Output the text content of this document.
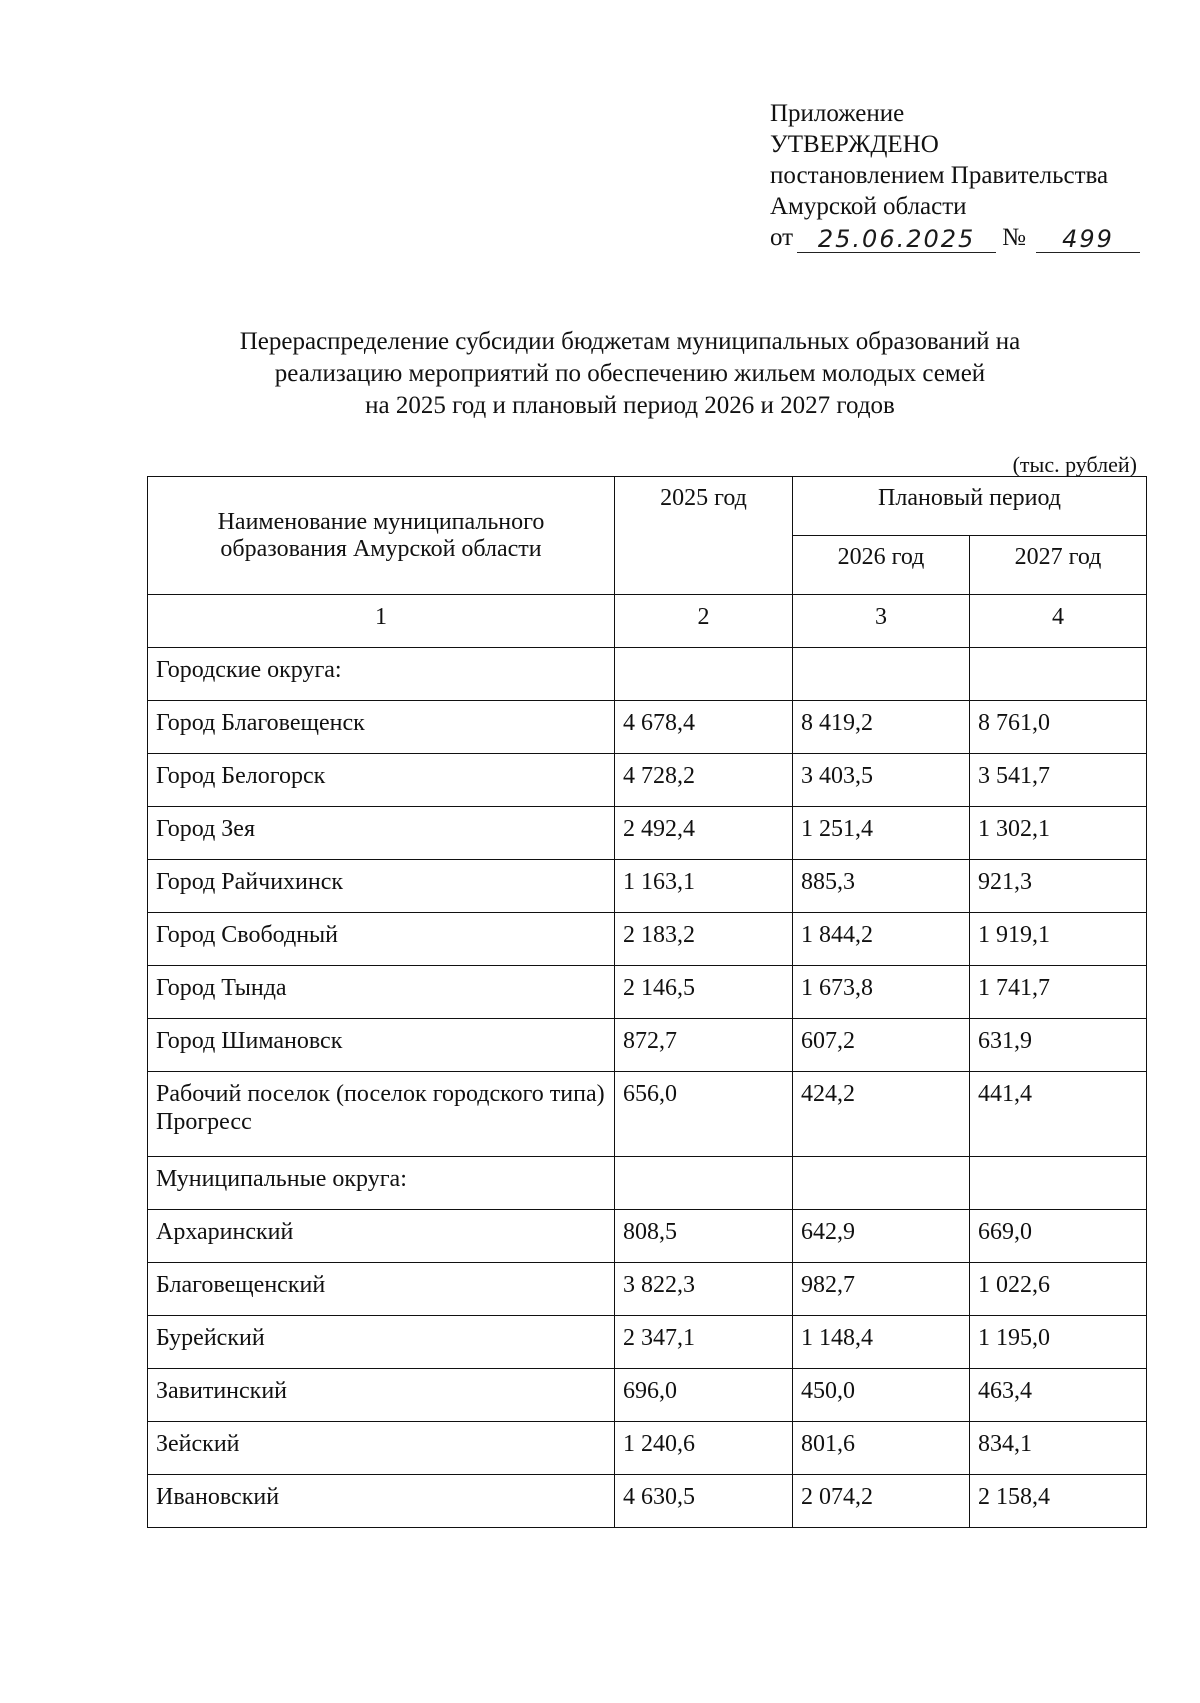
Приложение
УТВЕРЖДЕНО
постановлением Правительства
Амурской области
от	25.06.2025	№	499
Перераспределение субсидии бюджетам муниципальных образований на
реализацию мероприятий по обеспечению жильем молодых семей
на 2025 год и плановый период 2026 и 2027 годов
(тыс. рублей)
Наименование муниципального образования Амурской области	2025 год	Плановый период	
		2026 год	2027 год
1	2	3	4
Городские округа:			
Город Благовещенск	4 678,4	8 419,2	8 761,0
Город Белогорск	4 728,2	3 403,5	3 541,7
Город Зея	2 492,4	1 251,4	1 302,1
Город Райчихинск	1 163,1	885,3	921,3
Город Свободный	2 183,2	1 844,2	1 919,1
Город Тында	2 146,5	1 673,8	1 741,7
Город Шимановск	872,7	607,2	631,9
Рабочий поселок (поселок городского типа) Прогресс	656,0	424,2	441,4
Муниципальные округа:			
Архаринский	808,5	642,9	669,0
Благовещенский	3 822,3	982,7	1 022,6
Бурейский	2 347,1	1 148,4	1 195,0
Завитинский	696,0	450,0	463,4
Зейский	1 240,6	801,6	834,1
Ивановский	4 630,5	2 074,2	2 158,4
